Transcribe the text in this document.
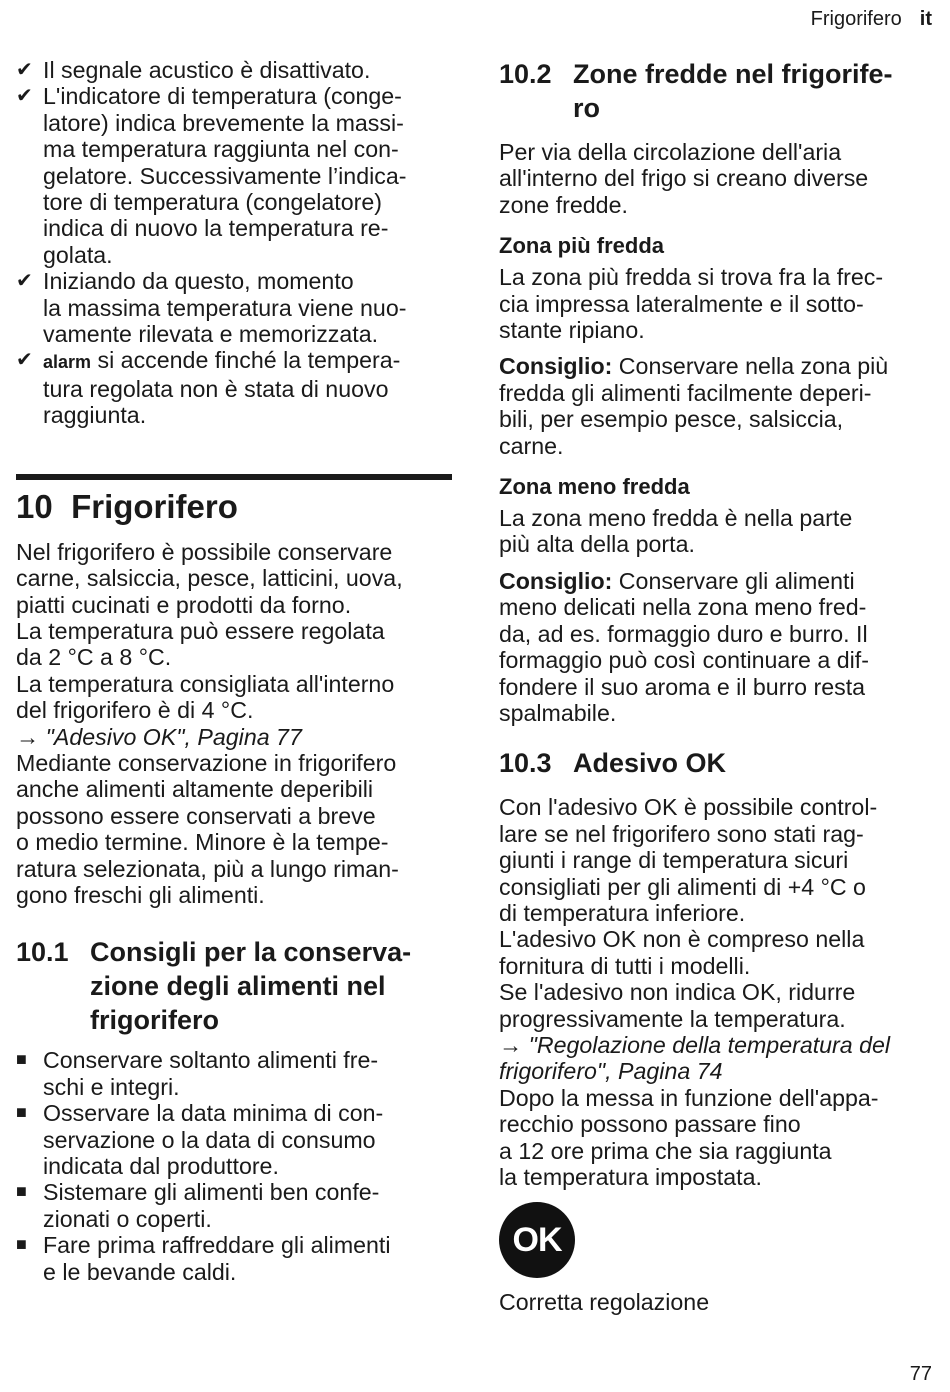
Frigorifero it
✔ Il segnale acustico è disattivato.
✔ L'indicatore di temperatura (conge-
latore) indica brevemente la massi-
ma temperatura raggiunta nel con-
gelatore. Successivamente l’indica-
tore di temperatura (congelatore)
indica di nuovo la temperatura re-
golata.
✔ Iniziando da questo, momento
la massima temperatura viene nuo-
vamente rilevata e memorizzata.
✔ alarm si accende finché la tempera-
tura regolata non è stata di nuovo
raggiunta.
10 Frigorifero

Nel frigorifero è possibile conservare
carne, salsiccia, pesce, latticini, uova,
piatti cucinati e prodotti da forno.
La temperatura può essere regolata
da 2 °C a 8 °C.
La temperatura consigliata all'interno
del frigorifero è di 4 °C.

→ "Adesivo OK", Pagina 77

Mediante conservazione in frigorifero
anche alimenti altamente deperibili
possono essere conservati a breve
o medio termine. Minore è la tempe-
ratura selezionata, più a lungo riman-
gono freschi gli alimenti.

10.1 Consigli per la conserva-
zione degli alimenti nel
frigorifero
■ Conservare soltanto alimenti fre-
schi e integri.
■ Osservare la data minima di con-
servazione o la data di consumo
indicata dal produttore.
■ Sistemare gli alimenti ben confe-
zionati o coperti.
■ Fare prima raffreddare gli alimenti
e le bevande caldi.
10.2 Zone fredde nel frigorife-
ro

Per via della circolazione dell'aria
all'interno del frigo si creano diverse
zone fredde.

Zona più fredda

La zona più fredda si trova fra la frec-
cia impressa lateralmente e il sotto-
stante ripiano.

Consiglio: Conservare nella zona più
fredda gli alimenti facilmente deperi-
bili, per esempio pesce, salsiccia,
carne.

Zona meno fredda

La zona meno fredda è nella parte
più alta della porta.

Consiglio: Conservare gli alimenti
meno delicati nella zona meno fred-
da, ad es. formaggio duro e burro. Il
formaggio può così continuare a dif-
fondere il suo aroma e il burro resta
spalmabile.

10.3 Adesivo OK

Con l'adesivo OK è possibile control-
lare se nel frigorifero sono stati rag-
giunti i range di temperatura sicuri
consigliati per gli alimenti di +4 °C o
di temperatura inferiore.
L'adesivo OK non è compreso nella
fornitura di tutti i modelli.
Se l'adesivo non indica OK, ridurre
progressivamente la temperatura.

→ "Regolazione della temperatura del
frigorifero", Pagina 74

Dopo la messa in funzione dell'appa-
recchio possono passare fino
a 12 ore prima che sia raggiunta
la temperatura impostata.

OK

Corretta regolazione

77
